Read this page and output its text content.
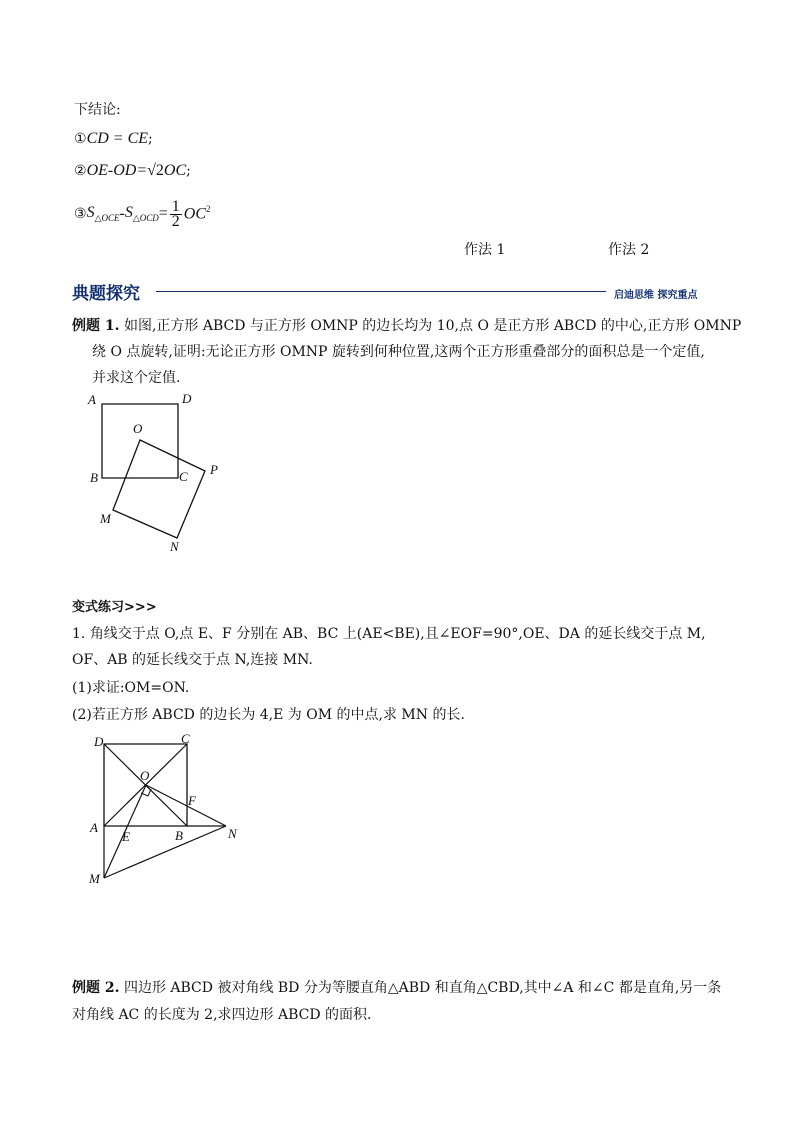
下结论:
①CD = CE;
②OE-OD=√2OC;
③ $S_{\triangle OCE} - S_{\triangle OCD} = \frac{1}{2} OC^2$
作法 1	作法 2
典题探究	启迪思维 探究重点
例题 1. 如图,正方形 ABCD 与正方形 OMNP 的边长均为 10,点 O 是正方形 ABCD 的中心,正方形 OMNP
绕 O 点旋转,证明:无论正方形 OMNP 旋转到何种位置,这两个正方形重叠部分的面积总是一个定值,
并求这个定值.
A	D
O
B	C P
M
N
变式练习>>>
1. 角线交于点 O,点 E、F 分别在 AB、BC 上(AE<BE),且∠EOF=90°,OE、DA 的延长线交于点 M,
OF、AB 的延长线交于点 N,连接 MN.
(1)求证:OM=ON.
(2)若正方形 ABCD 的边长为 4,E 为 OM 的中点,求 MN 的长.
D	C
O
F
A
E	B	N
M
例题 2. 四边形 ABCD 被对角线 BD 分为等腰直角△ABD 和直角△CBD,其中∠A 和∠C 都是直角,另一条
对角线 AC 的长度为 2,求四边形 ABCD 的面积.
